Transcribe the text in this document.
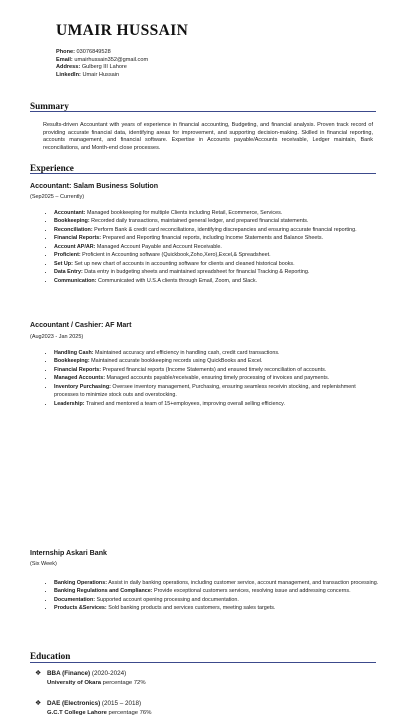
UMAIR HUSSAIN
Phone: 03076849528
Email: umairhussain352@gmail.com
Address: Gulberg III Lahore
LinkedIn: Umair Hussain
Summary
Results-driven Accountant with years of experience in financial accounting, Budgeting, and financial analysis. Proven track record of providing accurate financial data, identifying areas for improvement, and supporting decision-making. Skilled in financial reporting, accounts management, and financial software. Expertise in Accounts payable/Accounts receivable, Ledger maintain, Bank reconciliations, and Month-end close processes.
Experience
Accountant: Salam Business Solution
(Sep2025 – Currently)
• Accountant: Managed bookkeeping for multiple Clients including Retail, Ecommerce, Services.
• Bookkeeping: Recorded daily transactions, maintained general ledger, and prepared financial statements.
• Reconciliation: Perform Bank & credit card reconciliations, identifying discrepancies and ensuring accurate financial reporting.
• Financial Reports: Prepared and Reporting financial reports, including Income Statements and Balance Sheets.
• Account AP/AR: Managed Account Payable and Account Receivable.
• Proficient: Proficient in Accounting software (Quickbook,Zoho,Xero),Excel,& Spreadsheet.
• Set Up: Set up new chart of accounts in accounting software for clients and cleaned historical books.
• Data Entry: Data entry in budgeting sheets and maintained spreadsheet for financial Tracking & Reporting.
• Communication: Communicated with U.S.A clients through Email, Zoom, and Slack.
Accountant / Cashier: AF Mart
(Aug2023 - Jan 2025)
• Handling Cash: Maintained accuracy and efficiency in handling cash, credit card transactions.
• Bookkeeping: Maintained accurate bookkeeping records using QuickBooks and Excel.
• Financial Reports: Prepared financial reports (Income Statements) and ensured timely reconciliation of accounts.
• Managed Accounts: Managed accounts payable/receivable, ensuring timely processing of invoices and payments.
• Inventory Purchasing: Oversee inventory management, Purchasing, ensuring seamless receivin stocking, and replenishment processes to minimize stock outs and overstocking.
• Leadership: Trained and mentored a team of 15+employees, improving overall selling efficiency.
Internship Askari Bank
(Six Week)
• Banking Operations: Assist in daily banking operations, including customer service, account management, and transaction processing.
• Banking Regulations and Compliance: Provide exceptional customers services, resolving issue and addressing concerns.
• Documentation: Supported account opening processing and documentation.
• Products &Services: Sold banking products and services customers, meeting sales targets.
Education
❖ BBA (Finance) (2020-2024)
University of Okara percentage 72%
❖ DAE (Electronics) (2015 – 2018)
G.C.T College Lahore percentage 76%
